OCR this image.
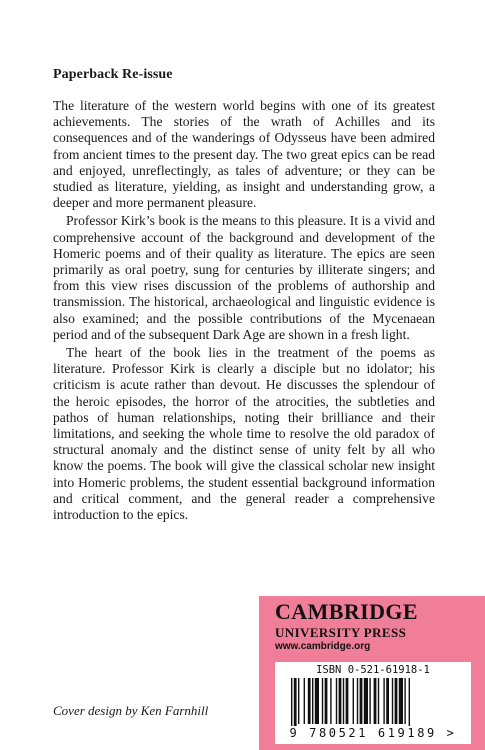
Paperback Re-issue

The literature of the western world begins with one of its greatest achievements. The stories of the wrath of Achilles and its consequences and of the wanderings of Odysseus have been admired from ancient times to the present day. The two great epics can be read and enjoyed, unreflectingly, as tales of adventure; or they can be studied as literature, yielding, as insight and understanding grow, a deeper and more permanent pleasure.

Professor Kirk’s book is the means to this pleasure. It is a vivid and comprehensive account of the background and development of the Homeric poems and of their quality as literature. The epics are seen primarily as oral poetry, sung for centuries by illiterate singers; and from this view rises discussion of the problems of authorship and transmission. The historical, archaeological and linguistic evidence is also examined; and the possible contributions of the Mycenaean period and of the subsequent Dark Age are shown in a fresh light.

The heart of the book lies in the treatment of the poems as literature. Professor Kirk is clearly a disciple but no idolator; his criticism is acute rather than devout. He discusses the splendour of the heroic episodes, the horror of the atrocities, the subtleties and pathos of human relationships, noting their brilliance and their limitations, and seeking the whole time to resolve the old paradox of structural anomaly and the distinct sense of unity felt by all who know the poems. The book will give the classical scholar new insight into Homeric problems, the student essential background information and critical comment, and the general reader a comprehensive introduction to the epics.

Cover design by Ken Farnhill
CAMBRIDGE
UNIVERSITY PRESS
www.cambridge.org
ISBN 0-521-61918-1
9 780521 619189 >
